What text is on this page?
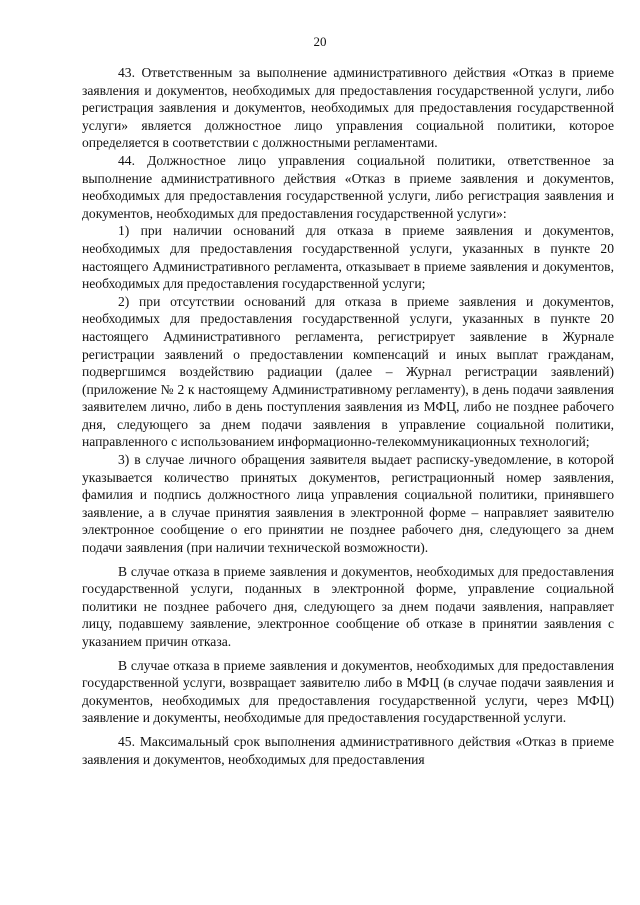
20

43. Ответственным за выполнение административного действия «Отказ в приеме заявления и документов, необходимых для предоставления государственной услуги, либо регистрация заявления и документов, необходимых для предоставления государственной услуги» является должностное лицо управления социальной политики, которое определяется в соответствии с должностными регламентами.

44. Должностное лицо управления социальной политики, ответственное за выполнение административного действия «Отказ в приеме заявления и документов, необходимых для предоставления государственной услуги, либо регистрация заявления и документов, необходимых для предоставления государственной услуги»:

1) при наличии оснований для отказа в приеме заявления и документов, необходимых для предоставления государственной услуги, указанных в пункте 20 настоящего Административного регламента, отказывает в приеме заявления и документов, необходимых для предоставления государственной услуги;

2) при отсутствии оснований для отказа в приеме заявления и документов, необходимых для предоставления государственной услуги, указанных в пункте 20 настоящего Административного регламента, регистрирует заявление в Журнале регистрации заявлений о предоставлении компенсаций и иных выплат гражданам, подвергшимся воздействию радиации (далее – Журнал регистрации заявлений) (приложение № 2 к настоящему Административному регламенту), в день подачи заявления заявителем лично, либо в день поступления заявления из МФЦ, либо не позднее рабочего дня, следующего за днем подачи заявления в управление социальной политики, направленного с использованием информационно-телекоммуникационных технологий;

3) в случае личного обращения заявителя выдает расписку-уведомление, в которой указывается количество принятых документов, регистрационный номер заявления, фамилия и подпись должностного лица управления социальной политики, принявшего заявление, а в случае принятия заявления в электронной форме – направляет заявителю электронное сообщение о его принятии не позднее рабочего дня, следующего за днем подачи заявления (при наличии технической возможности).

В случае отказа в приеме заявления и документов, необходимых для предоставления государственной услуги, поданных в электронной форме, управление социальной политики не позднее рабочего дня, следующего за днем подачи заявления, направляет лицу, подавшему заявление, электронное сообщение об отказе в принятии заявления с указанием причин отказа.

В случае отказа в приеме заявления и документов, необходимых для предоставления государственной услуги, возвращает заявителю либо в МФЦ (в случае подачи заявления и документов, необходимых для предоставления государственной услуги, через МФЦ) заявление и документы, необходимые для предоставления государственной услуги.

45. Максимальный срок выполнения административного действия «Отказ в приеме заявления и документов, необходимых для предоставления
